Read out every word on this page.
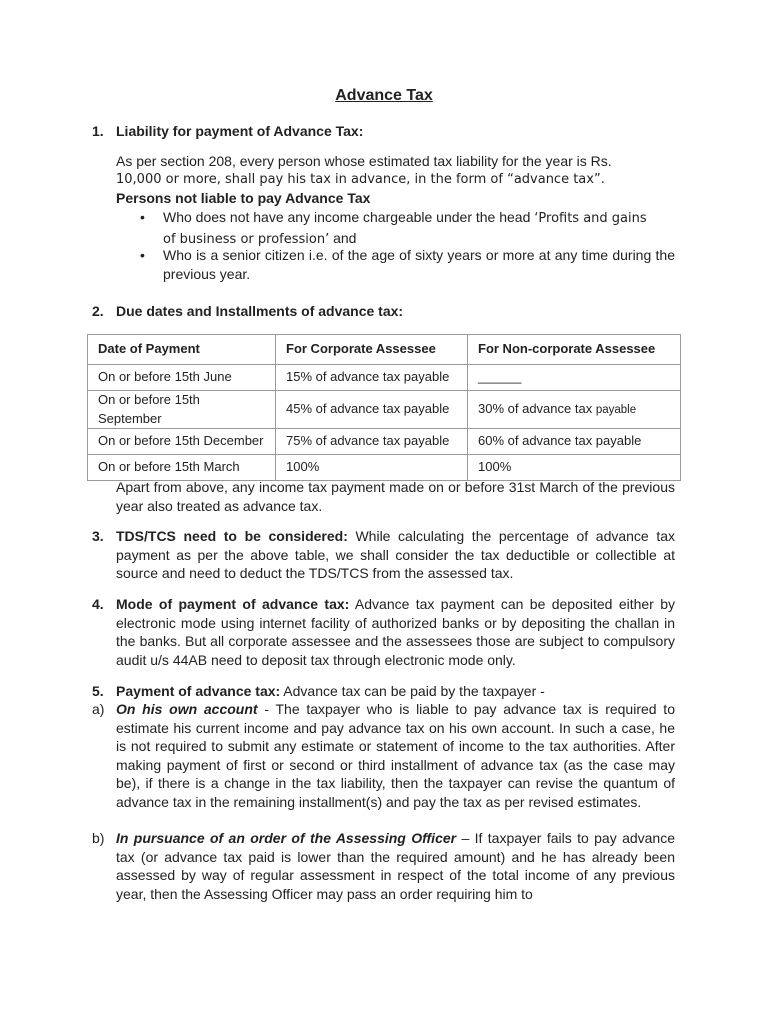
Advance Tax
1. Liability for payment of Advance Tax:
As per section 208, every person whose estimated tax liability for the year is Rs.
10,000 or more, shall pay his tax in advance, in the form of “advance tax”.
Persons not liable to pay Advance Tax
• Who does not have any income chargeable under the head ‘Profits and gains
of business or profession’ and
• Who is a senior citizen i.e. of the age of sixty years or more at any time during the previous year.
2. Due dates and Installments of advance tax:
Date of Payment	For Corporate Assessee	For Non-corporate Assessee
On or before 15th June	15% of advance tax payable	______
On or before 15th September	45% of advance tax payable	30% of advance tax payable
On or before 15th December	75% of advance tax payable	60% of advance tax payable
On or before 15th March	100%	100%
Apart from above, any income tax payment made on or before 31st March of the previous year also treated as advance tax.
3. TDS/TCS need to be considered: While calculating the percentage of advance tax payment as per the above table, we shall consider the tax deductible or collectible at source and need to deduct the TDS/TCS from the assessed tax.
4. Mode of payment of advance tax: Advance tax payment can be deposited either by electronic mode using internet facility of authorized banks or by depositing the challan in the banks. But all corporate assessee and the assessees those are subject to compulsory audit u/s 44AB need to deposit tax through electronic mode only.
5. Payment of advance tax: Advance tax can be paid by the taxpayer -
a) On his own account - The taxpayer who is liable to pay advance tax is required to estimate his current income and pay advance tax on his own account. In such a case, he is not required to submit any estimate or statement of income to the tax authorities. After making payment of first or second or third installment of advance tax (as the case may be), if there is a change in the tax liability, then the taxpayer can revise the quantum of advance tax in the remaining installment(s) and pay the tax as per revised estimates.
b) In pursuance of an order of the Assessing Officer – If taxpayer fails to pay advance tax (or advance tax paid is lower than the required amount) and he has already been assessed by way of regular assessment in respect of the total income of any previous year, then the Assessing Officer may pass an order requiring him to
